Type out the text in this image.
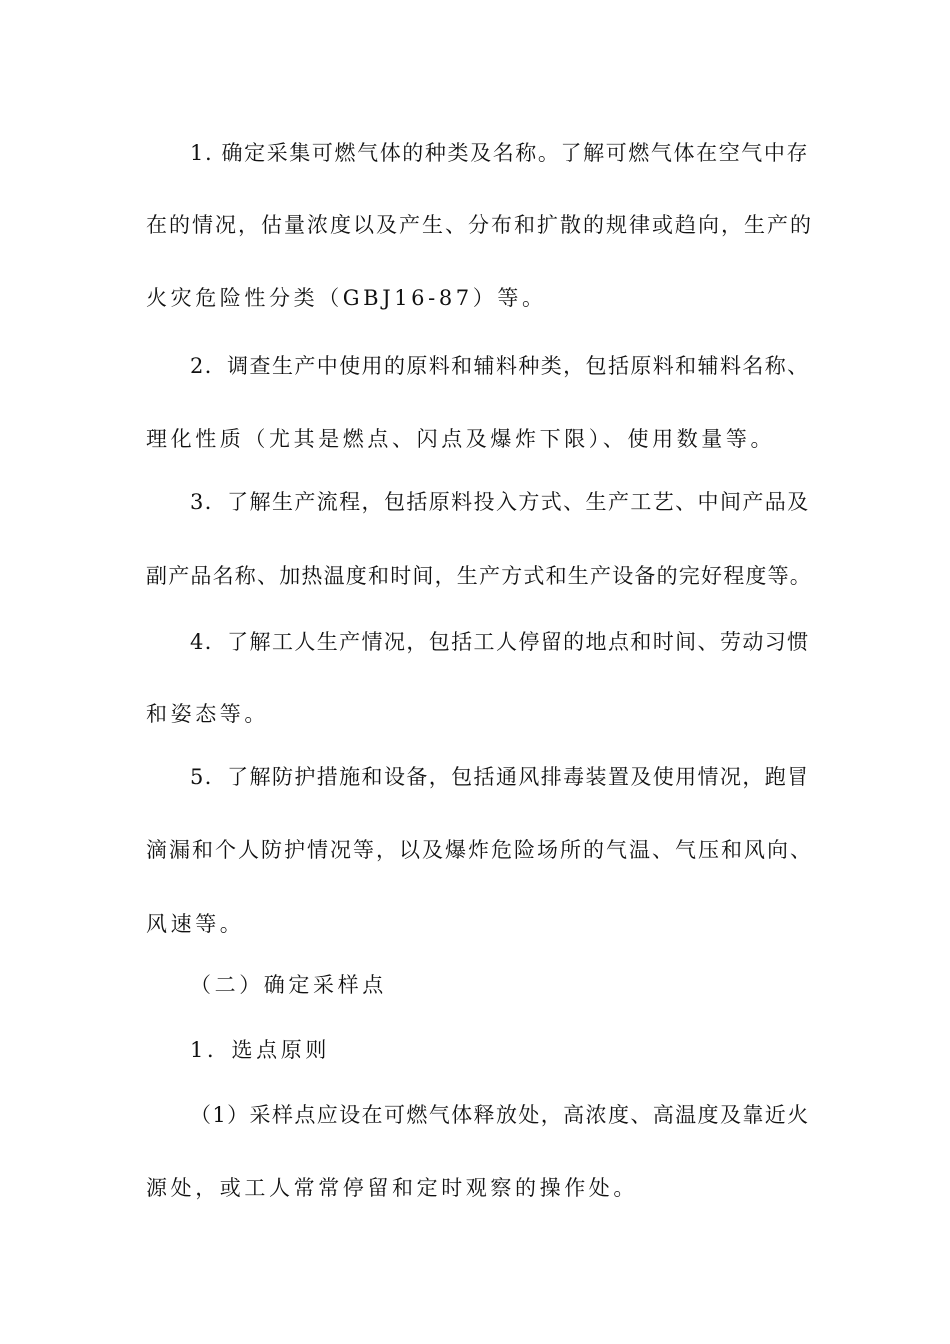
1. 确定采集可燃气体的种类及名称。了解可燃气体在空气中存
在的情况，估量浓度以及产生、分布和扩散的规律或趋向，生产的
火灾危险性分类（GBJ16-87）等。
2．调查生产中使用的原料和辅料种类，包括原料和辅料名称、
理化性质（尤其是燃点、闪点及爆炸下限）、使用数量等。
3．了解生产流程，包括原料投入方式、生产工艺、中间产品及
副产品名称、加热温度和时间，生产方式和生产设备的完好程度等。
4．了解工人生产情况，包括工人停留的地点和时间、劳动习惯
和姿态等。
5．了解防护措施和设备，包括通风排毒装置及使用情况，跑冒
滴漏和个人防护情况等，以及爆炸危险场所的气温、气压和风向、
风速等。
（二）确定采样点
1．选点原则
（1）采样点应设在可燃气体释放处，高浓度、高温度及靠近火
源处，或工人常常停留和定时观察的操作处。
